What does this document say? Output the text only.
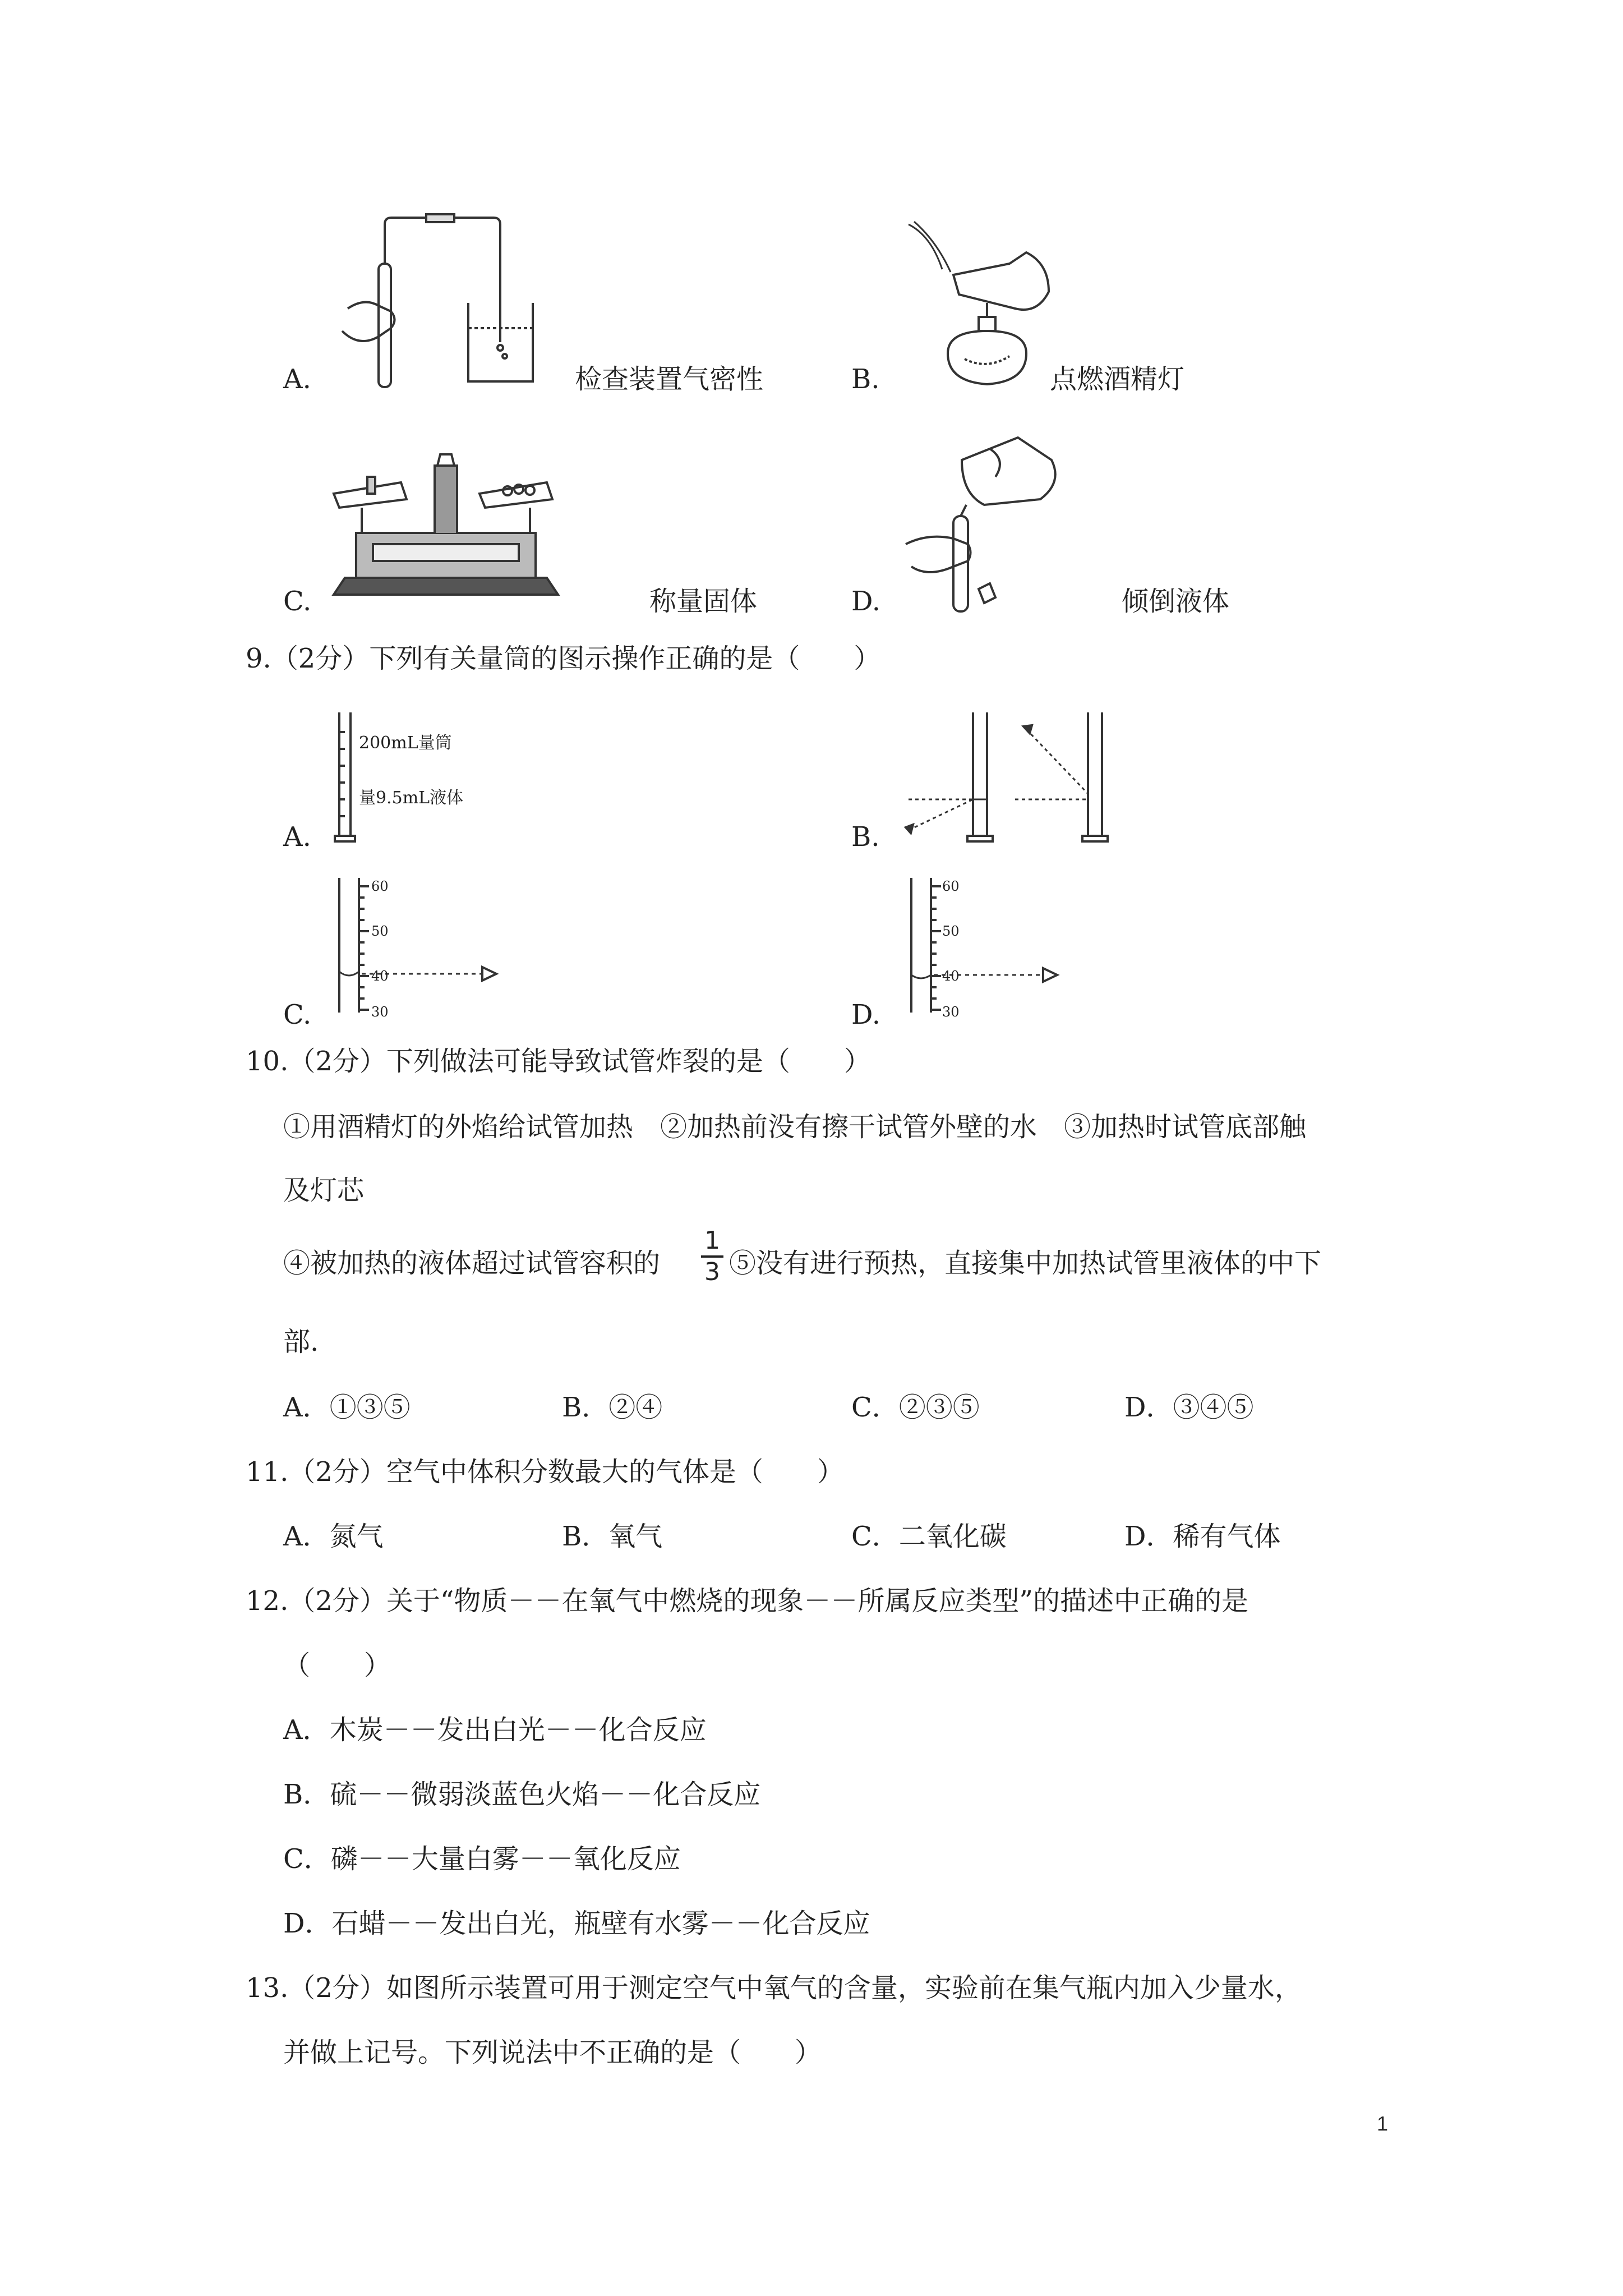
A.	检查装置气密性	B.	点燃酒精灯
C.	称量固体	D.	倾倒液体
9.（2分）下列有关量筒的图示操作正确的是（　　）
A.
200mL量筒
量9.5mL液体
B.
C.
60
50
40
30	D.
60
50
40
30
10.（2分）下列做法可能导致试管炸裂的是（　　）
①用酒精灯的外焰给试管加热　②加热前没有擦干试管外壁的水　③加热时试管底部触
及灯芯
④被加热的液体超过试管容积的
1
3 ⑤没有进行预热，直接集中加热试管里液体的中下
部.
A．①③⑤	B．②④	C．②③⑤	D．③④⑤
11.（2分）空气中体积分数最大的气体是（　　）
A．氮气	B．氧气	C．二氧化碳	D．稀有气体
12.（2分）关于“物质－－在氧气中燃烧的现象－－所属反应类型”的描述中正确的是
（　　）
A．木炭－－发出白光－－化合反应
B．硫－－微弱淡蓝色火焰－－化合反应
C．磷－－大量白雾－－氧化反应
D．石蜡－－发出白光，瓶壁有水雾－－化合反应
13.（2分）如图所示装置可用于测定空气中氧气的含量，实验前在集气瓶内加入少量水，
并做上记号。下列说法中不正确的是（　　）
1
